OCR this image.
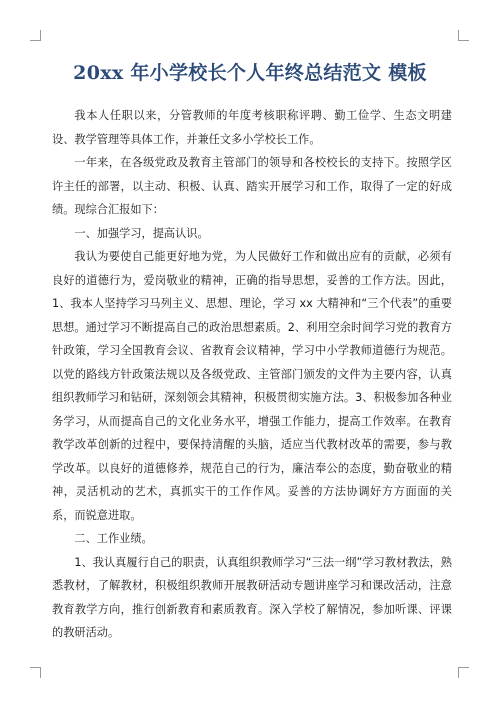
20xx 年小学校长个人年终总结范文 模板

我本人任职以来，分管教师的年度考核职称评聘、勤工俭学、生态文明建设、教学管理等具体工作，并兼任文多小学校长工作。

一年来，在各级党政及教育主管部门的领导和各校校长的支持下。按照学区许主任的部署，以主动、积极、认真、踏实开展学习和工作，取得了一定的好成绩。现综合汇报如下：

一、加强学习，提高认识。

我认为要使自己能更好地为党，为人民做好工作和做出应有的贡献，必须有良好的道德行为，爱岗敬业的精神，正确的指导思想，妥善的工作方法。因此，1、我本人坚持学习马列主义、思想、理论，学习 xx 大精神和“三个代表”的重要思想。通过学习不断提高自己的政治思想素质。2、利用空余时间学习党的教育方针政策，学习全国教育会议、省教育会议精神，学习中小学教师道德行为规范。以党的路线方针政策法规以及各级党政、主管部门颁发的文件为主要内容，认真组织教师学习和钻研，深刻领会其精神，积极贯彻实施方法。3、积极参加各种业务学习，从而提高自己的文化业务水平，增强工作能力，提高工作效率。在教育教学改革创新的过程中，要保持清醒的头脑，适应当代教材改革的需要，参与教学改革。以良好的道德修养，规范自己的行为，廉洁奉公的态度，勤奋敬业的精神，灵活机动的艺术，真抓实干的工作作风。妥善的方法协调好方方面面的关系，而锐意进取。

二、工作业绩。

1、我认真履行自己的职责，认真组织教师学习“三法一纲”学习教材教法，熟悉教材，了解教材，积极组织教师开展教研活动专题讲座学习和课改活动，注意教育教学方向，推行创新教育和素质教育。深入学校了解情况，参加听课、评课的教研活动。
